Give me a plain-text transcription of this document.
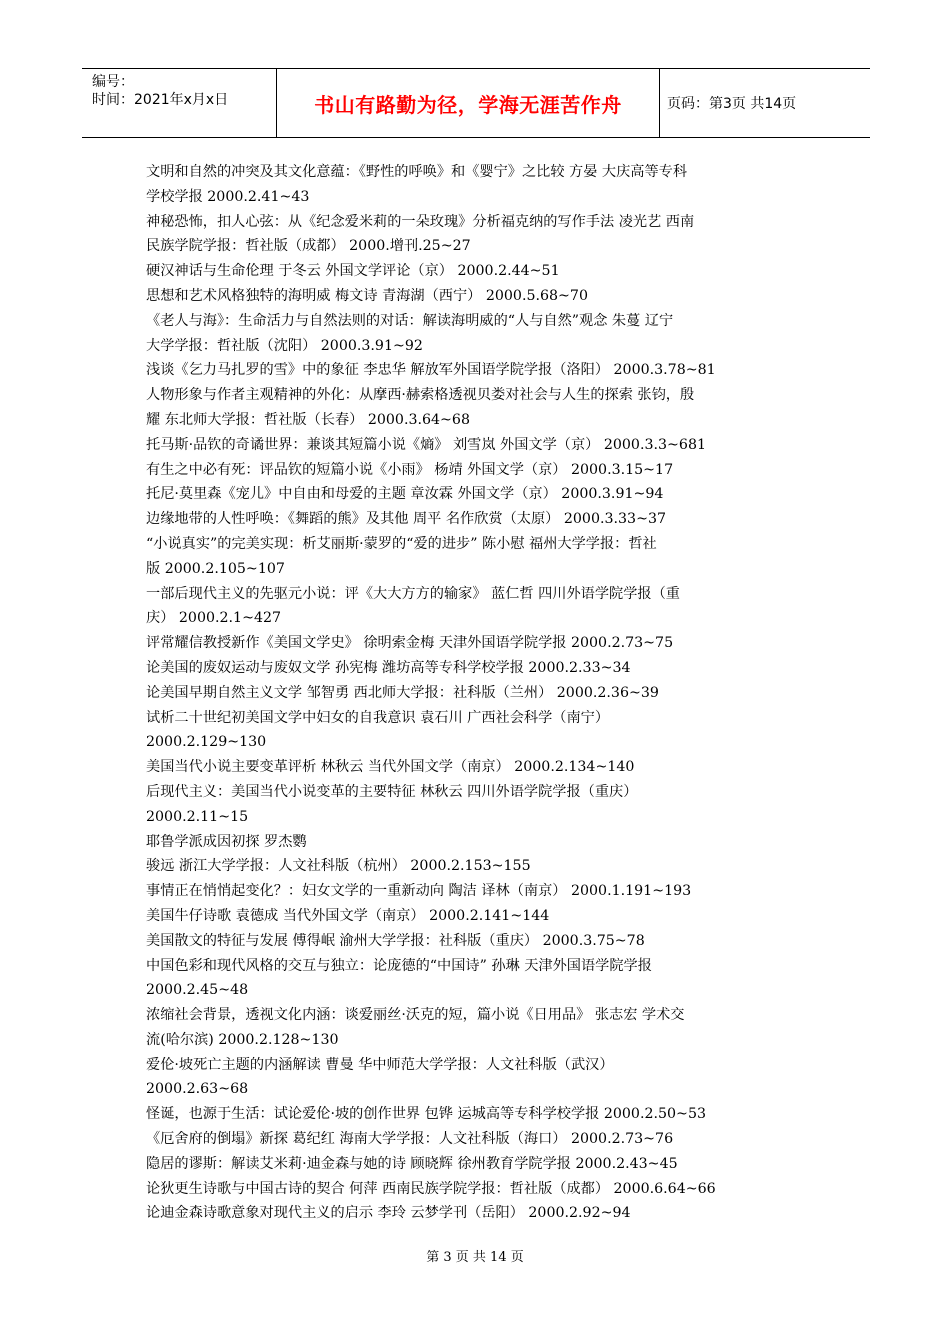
编号：
时间：2021年x月x日	书山有路勤为径，学海无涯苦作舟	页码：第3页 共14页
文明和自然的冲突及其文化意蕴：《野性的呼唤》和《婴宁》之比较 方晏 大庆高等专科
学校学报 2000.2.41~43
神秘恐怖，扣人心弦：从《纪念爱米莉的一朵玫瑰》分析福克纳的写作手法 凌光艺 西南
民族学院学报：哲社版（成都） 2000.增刊.25~27
硬汉神话与生命伦理 于冬云 外国文学评论（京） 2000.2.44~51
思想和艺术风格独特的海明威 梅文诗 青海湖（西宁） 2000.5.68~70
《老人与海》：生命活力与自然法则的对话：解读海明威的“人与自然”观念 朱蔓 辽宁
大学学报：哲社版（沈阳） 2000.3.91~92
浅谈《乞力马扎罗的雪》中的象征 李忠华 解放军外国语学院学报（洛阳） 2000.3.78~81
人物形象与作者主观精神的外化：从摩西·赫索格透视贝娄对社会与人生的探索 张钧，殷
耀 东北师大学报：哲社版（长春） 2000.3.64~68
托马斯·品钦的奇谲世界：兼谈其短篇小说《熵》 刘雪岚 外国文学（京） 2000.3.3~681
有生之中必有死：评品钦的短篇小说《小雨》 杨靖 外国文学（京） 2000.3.15~17
托尼·莫里森《宠儿》中自由和母爱的主题 章汝霖 外国文学（京） 2000.3.91~94
边缘地带的人性呼唤：《舞蹈的熊》及其他 周平 名作欣赏（太原） 2000.3.33~37
“小说真实”的完美实现：析艾丽斯·蒙罗的“爱的进步” 陈小慰 福州大学学报：哲社
版 2000.2.105~107
一部后现代主义的先驱元小说：评《大大方方的输家》 蓝仁哲 四川外语学院学报（重
庆） 2000.2.1~427
评常耀信教授新作《美国文学史》 徐明索金梅 天津外国语学院学报 2000.2.73~75
论美国的废奴运动与废奴文学 孙宪梅 潍坊高等专科学校学报 2000.2.33~34
论美国早期自然主义文学 邹智勇 西北师大学报：社科版（兰州） 2000.2.36~39
试析二十世纪初美国文学中妇女的自我意识 袁石川 广西社会科学（南宁）
2000.2.129~130
美国当代小说主要变革评析 林秋云 当代外国文学（南京） 2000.2.134~140
后现代主义：美国当代小说变革的主要特征 林秋云 四川外语学院学报（重庆）
2000.2.11~15
耶鲁学派成因初探 罗杰鹦
骏远 浙江大学学报：人文社科版（杭州） 2000.2.153~155
事情正在悄悄起变化？：妇女文学的一重新动向 陶洁 译林（南京） 2000.1.191~193
美国牛仔诗歌 袁德成 当代外国文学（南京） 2000.2.141~144
美国散文的特征与发展 傅得岷 渝州大学学报：社科版（重庆） 2000.3.75~78
中国色彩和现代风格的交互与独立：论庞德的“中国诗” 孙琳 天津外国语学院学报
2000.2.45~48
浓缩社会背景，透视文化内涵：谈爱丽丝·沃克的短，篇小说《日用品》 张志宏 学术交
流(哈尔滨) 2000.2.128~130
爱伦·坡死亡主题的内涵解读 曹曼 华中师范大学学报：人文社科版（武汉）
2000.2.63~68
怪诞，也源于生活：试论爱伦·坡的创作世界 包铧 运城高等专科学校学报 2000.2.50~53
《厄舍府的倒塌》新探 葛纪红 海南大学学报：人文社科版（海口） 2000.2.73~76
隐居的谬斯：解读艾米莉·迪金森与她的诗 顾晓辉 徐州教育学院学报 2000.2.43~45
论狄更生诗歌与中国古诗的契合 何萍 西南民族学院学报：哲社版（成都） 2000.6.64~66
论迪金森诗歌意象对现代主义的启示 李玲 云梦学刊（岳阳） 2000.2.92~94
第 3 页 共 14 页
